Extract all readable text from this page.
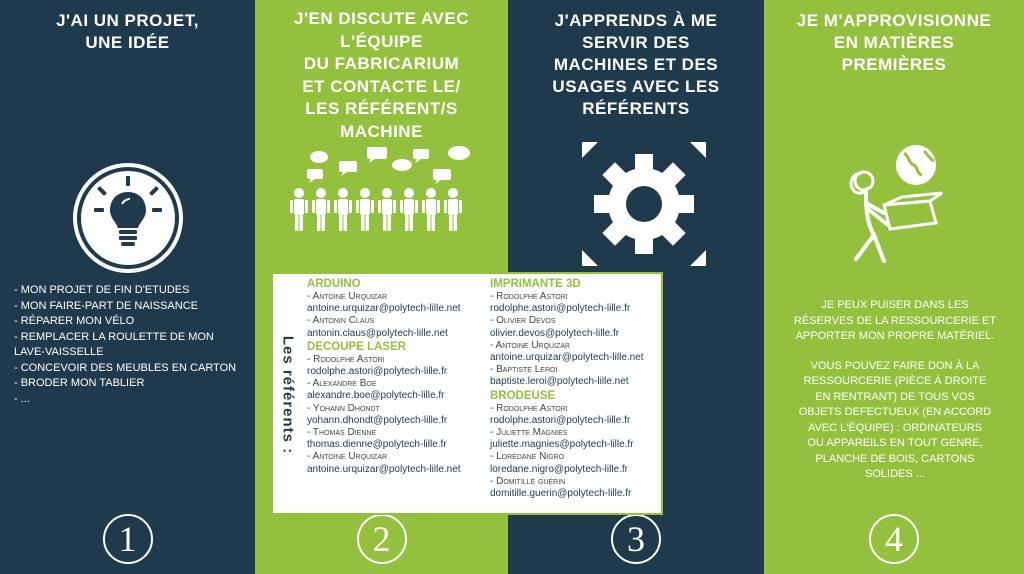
J'AI UN PROJET,
UNE IDÉE
- MON PROJET DE FIN D'ETUDES
- MON FAIRE-PART DE NAISSANCE
- RÉPARER MON VÉLO
- REMPLACER LA ROULETTE DE MON LAVE-VAISSELLE
- CONCEVOIR DES MEUBLES EN CARTON
- BRODER MON TABLIER
- ...
1
J'EN DISCUTE AVEC
L'ÉQUIPE
DU FABRICARIUM
ET CONTACTE LE/
LES RÉFÉRENT/S
MACHINE
2
J'APPRENDS À ME
SERVIR DES
MACHINES ET DES
USAGES AVEC LES
RÉFÉRENTS
3
JE M'APPROVISIONNE
EN MATIÈRES
PREMIÈRES
4

JE PEUX PUISER DANS LES
RÉSERVES DE LA RESSOURCERIE ET
APPORTER MON PROPRE MATÉRIEL.

VOUS POUVEZ FAIRE DON À LA
RESSOURCERIE (PIÈCE À DROITE
EN RENTRANT) DE TOUS VOS
OBJETS DEFECTUEUX (EN ACCORD
AVEC L'ÉQUIPE) : ORDINATEURS
OU APPAREILS EN TOUT GENRE,
PLANCHE DE BOIS, CARTONS
SOLIDES ...

Les référents :
ARDUINO
- Antoine Urquizar
antoine.urquizar@polytech-lille.net
- Antonin Claus
antonin.claus@polytech-lille.net
DECOUPE LASER
- Rodolphe Astori
rodolphe.astori@polytech-lille.fr
- Alexandre Boe
alexandre.boe@polytech-lille.fr
- Yohann Dhondt
yohann.dhondt@polytech-lille.fr
- Thomas Dienne
thomas.dienne@polytech-lille.fr
- Antoine Urquizar
antoine.urquizar@polytech-lille.net
IMPRIMANTE 3D
- Rodolphe Astori
rodolphe.astori@polytech-lille.fr
- Olivier Devos
olivier.devos@polytech-lille.fr
- Antoine Urquizar
antoine.urquizar@polytech-lille.net
- Baptiste Leroi
baptiste.leroi@polytech-lille.net
BRODEUSE
- Rodolphe Astori
rodolphe.astori@polytech-lille.fr
- Juliette Magnies
juliette.magnies@polytech-lille.fr
- Lorédane Nigro
loredane.nigro@polytech-lille.fr
- Domitille guérin
domitille.guerin@polytech-lille.fr
